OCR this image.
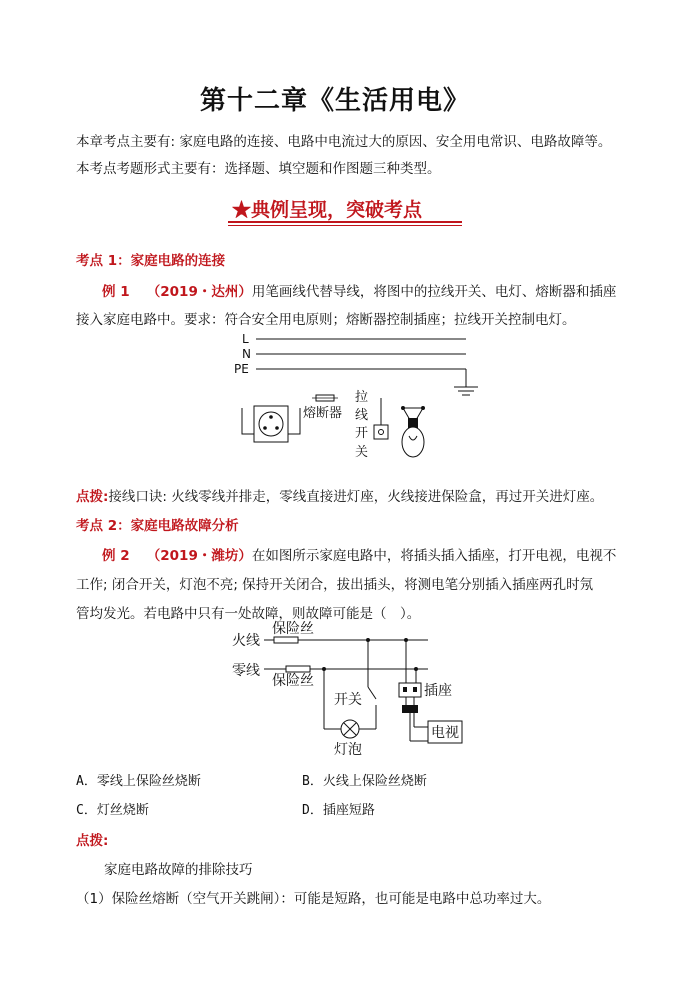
第十二章《生活用电》
本章考点主要有: 家庭电路的连接、电路中电流过大的原因、安全用电常识、电路故障等。
本考点考题形式主要有：选择题、填空题和作图题三种类型。
★典例呈现，突破考点
考点 1：家庭电路的连接
例 1 （2019・达州）用笔画线代替导线，将图中的拉线开关、电灯、熔断器和插座
接入家庭电路中。要求：符合安全用电原则；熔断器控制插座；拉线开关控制电灯。
L
N
PE
熔断器
拉
线
开
关
点拨:接线口诀: 火线零线并排走，零线直接进灯座，火线接进保险盒，再过开关进灯座。
考点 2：家庭电路故障分析
例 2 （2019・潍坊）在如图所示家庭电路中，将插头插入插座，打开电视，电视不
工作; 闭合开关，灯泡不亮; 保持开关闭合，拔出插头，将测电笔分别插入插座两孔时氖
管均发光。若电路中只有一处故障，则故障可能是（　）。
火线
保险丝
零线
保险丝
开关
灯泡
插座
电视
A．零线上保险丝烧断	B．火线上保险丝烧断
C．灯丝烧断	D．插座短路
点拨:
家庭电路故障的排除技巧
（1）保险丝熔断（空气开关跳闸）：可能是短路，也可能是电路中总功率过大。
